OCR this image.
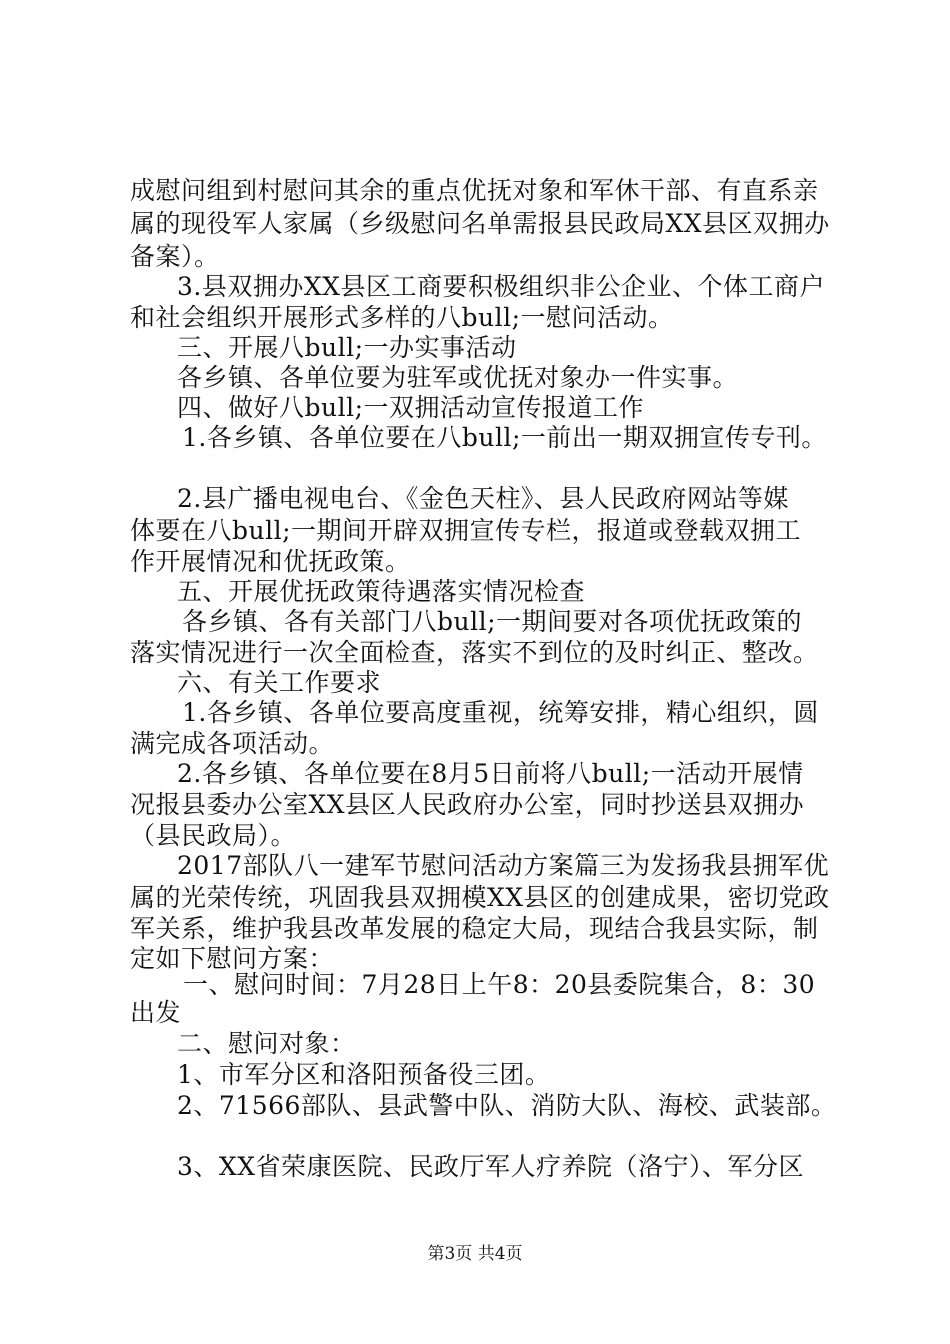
成慰问组到村慰问其余的重点优抚对象和军休干部、有直系亲
属的现役军人家属（乡级慰问名单需报县民政局XX县区双拥办
备案）。
3.县双拥办XX县区工商要积极组织非公企业、个体工商户
和社会组织开展形式多样的八bull;一慰问活动。
三、开展八bull;一办实事活动
各乡镇、各单位要为驻军或优抚对象办一件实事。
四、做好八bull;一双拥活动宣传报道工作
1.各乡镇、各单位要在八bull;一前出一期双拥宣传专刊。
2.县广播电视电台、《金色天柱》、县人民政府网站等媒
体要在八bull;一期间开辟双拥宣传专栏，报道或登载双拥工
作开展情况和优抚政策。
五、开展优抚政策待遇落实情况检查
各乡镇、各有关部门八bull;一期间要对各项优抚政策的
落实情况进行一次全面检查，落实不到位的及时纠正、整改。
六、有关工作要求
1.各乡镇、各单位要高度重视，统筹安排，精心组织，圆
满完成各项活动。
2.各乡镇、各单位要在8月5日前将八bull;一活动开展情
况报县委办公室XX县区人民政府办公室，同时抄送县双拥办
（县民政局）。
2017部队八一建军节慰问活动方案篇三为发扬我县拥军优
属的光荣传统，巩固我县双拥模XX县区的创建成果，密切党政
军关系，维护我县改革发展的稳定大局，现结合我县实际，制
定如下慰问方案：
一、慰问时间：7月28日上午8：20县委院集合，8：30
出发
二、慰问对象：
1、市军分区和洛阳预备役三团。
2、71566部队、县武警中队、消防大队、海校、武装部。
3、XX省荣康医院、民政厅军人疗养院（洛宁）、军分区
第3页 共4页
